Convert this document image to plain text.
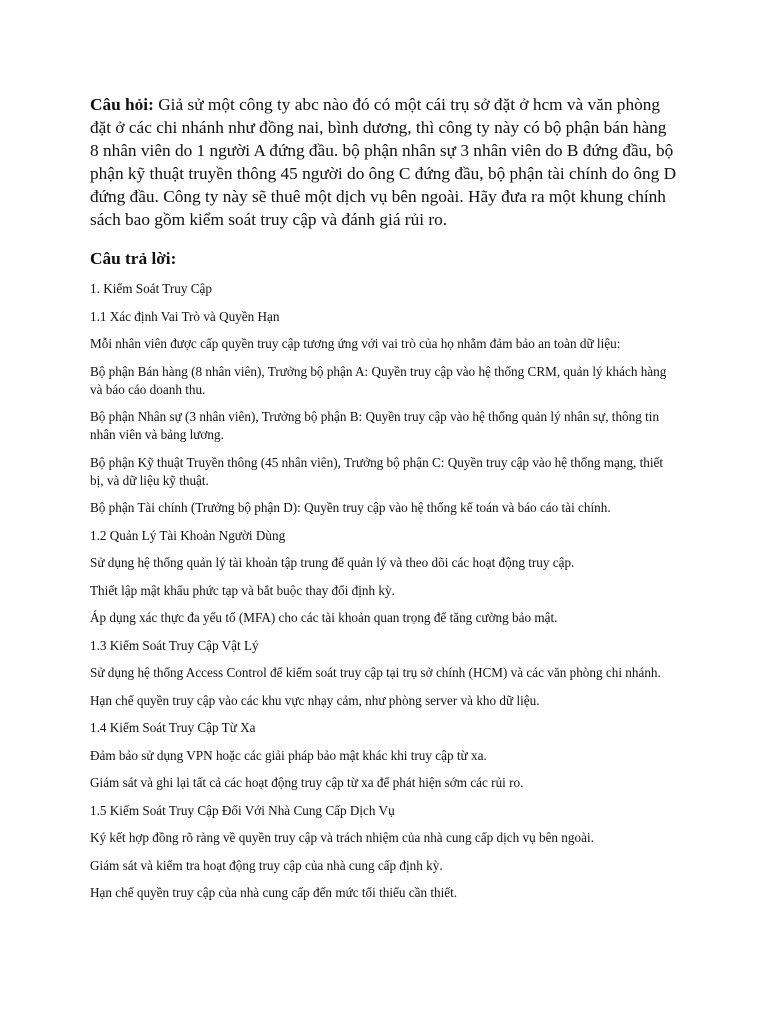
Câu hỏi: Giả sử một công ty abc nào đó có một cái trụ sở đặt ở hcm và văn phòng đặt ở các chi nhánh như đồng nai, bình dương, thì công ty này có bộ phận bán hàng 8 nhân viên do 1 người A đứng đầu. bộ phận nhân sự 3 nhân viên do B đứng đầu, bộ phận kỹ thuật truyền thông 45 người do ông C đứng đầu, bộ phận tài chính do ông D đứng đầu. Công ty này sẽ thuê một dịch vụ bên ngoài. Hãy đưa ra một khung chính sách bao gồm kiểm soát truy cập và đánh giá rủi ro.

Câu trả lời:

1. Kiểm Soát Truy Cập

1.1 Xác định Vai Trò và Quyền Hạn

Mỗi nhân viên được cấp quyền truy cập tương ứng với vai trò của họ nhằm đảm bảo an toàn dữ liệu:

Bộ phận Bán hàng (8 nhân viên), Trưởng bộ phận A: Quyền truy cập vào hệ thống CRM, quản lý khách hàng và báo cáo doanh thu.

Bộ phận Nhân sự (3 nhân viên), Trưởng bộ phận B: Quyền truy cập vào hệ thống quản lý nhân sự, thông tin nhân viên và bảng lương.

Bộ phận Kỹ thuật Truyền thông (45 nhân viên), Trưởng bộ phận C: Quyền truy cập vào hệ thống mạng, thiết bị, và dữ liệu kỹ thuật.

Bộ phận Tài chính (Trưởng bộ phận D): Quyền truy cập vào hệ thống kế toán và báo cáo tài chính.

1.2 Quản Lý Tài Khoản Người Dùng

Sử dụng hệ thống quản lý tài khoản tập trung để quản lý và theo dõi các hoạt động truy cập.

Thiết lập mật khẩu phức tạp và bắt buộc thay đổi định kỳ.

Áp dụng xác thực đa yếu tố (MFA) cho các tài khoản quan trọng để tăng cường bảo mật.

1.3 Kiểm Soát Truy Cập Vật Lý

Sử dụng hệ thống Access Control để kiểm soát truy cập tại trụ sở chính (HCM) và các văn phòng chi nhánh.

Hạn chế quyền truy cập vào các khu vực nhạy cảm, như phòng server và kho dữ liệu.

1.4 Kiểm Soát Truy Cập Từ Xa

Đảm bảo sử dụng VPN hoặc các giải pháp bảo mật khác khi truy cập từ xa.

Giám sát và ghi lại tất cả các hoạt động truy cập từ xa để phát hiện sớm các rủi ro.

1.5 Kiểm Soát Truy Cập Đối Với Nhà Cung Cấp Dịch Vụ

Ký kết hợp đồng rõ ràng về quyền truy cập và trách nhiệm của nhà cung cấp dịch vụ bên ngoài.

Giám sát và kiểm tra hoạt động truy cập của nhà cung cấp định kỳ.

Hạn chế quyền truy cập của nhà cung cấp đến mức tối thiểu cần thiết.
